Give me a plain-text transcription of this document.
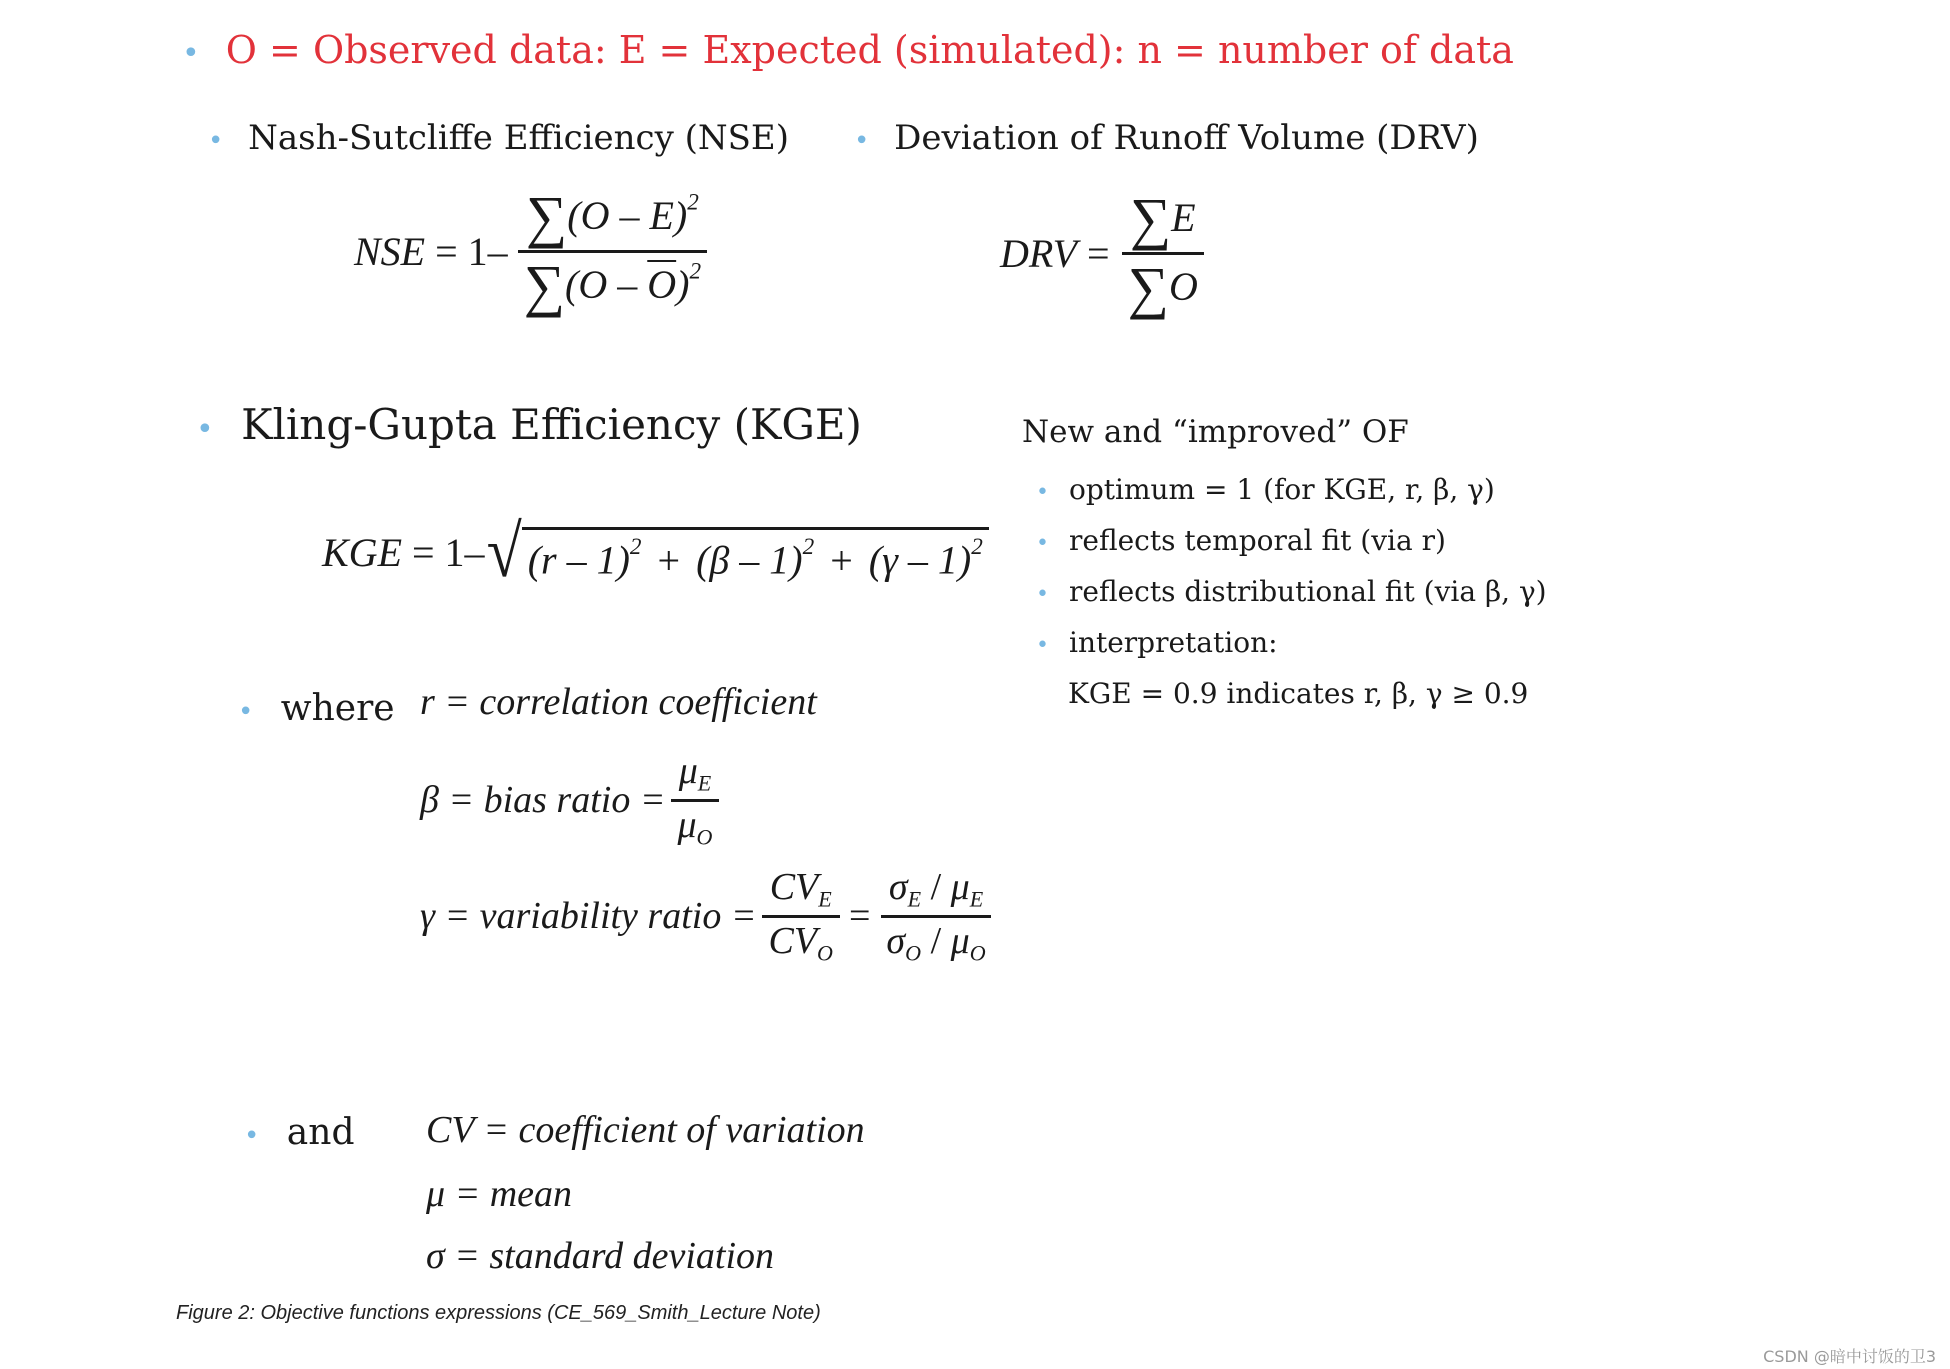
• O = Observed data: E = Expected (simulated): n = number of data
• Nash-Sutcliffe Efficiency (NSE)	• Deviation of Runoff Volume (DRV)
NSE = $1- \frac{\sum(O - E)^2}{\sum(O - \overline{O})^2}$	DRV = $\frac{\sum E}{\sum O}$
• Kling-Gupta Efficiency (KGE)
KGE = 1– √ (r – 1)$^2$ + (β – 1)$^2$ + (γ – 1)$^2$
New and “improved” OF
• optimum = 1 (for KGE, r, β, γ)
• reflects temporal fit (via r)
• reflects distributional fit (via β, γ)
• interpretation:
KGE = 0.9 indicates r, β, γ ≥ 0.9
• where r = correlation coefficient
β = bias ratio = $\frac{\mu_E}{\mu_O}$
γ = variability ratio = $\frac{CV_E}{CV_O} = \frac{\sigma_E / \mu_E}{\sigma_O / \mu_O}$
• and CV = coefficient of variation
μ = mean
σ = standard deviation
Figure 2: Objective functions expressions (CE_569_Smith_Lecture Note)
CSDN @暗中讨饭的卫3
